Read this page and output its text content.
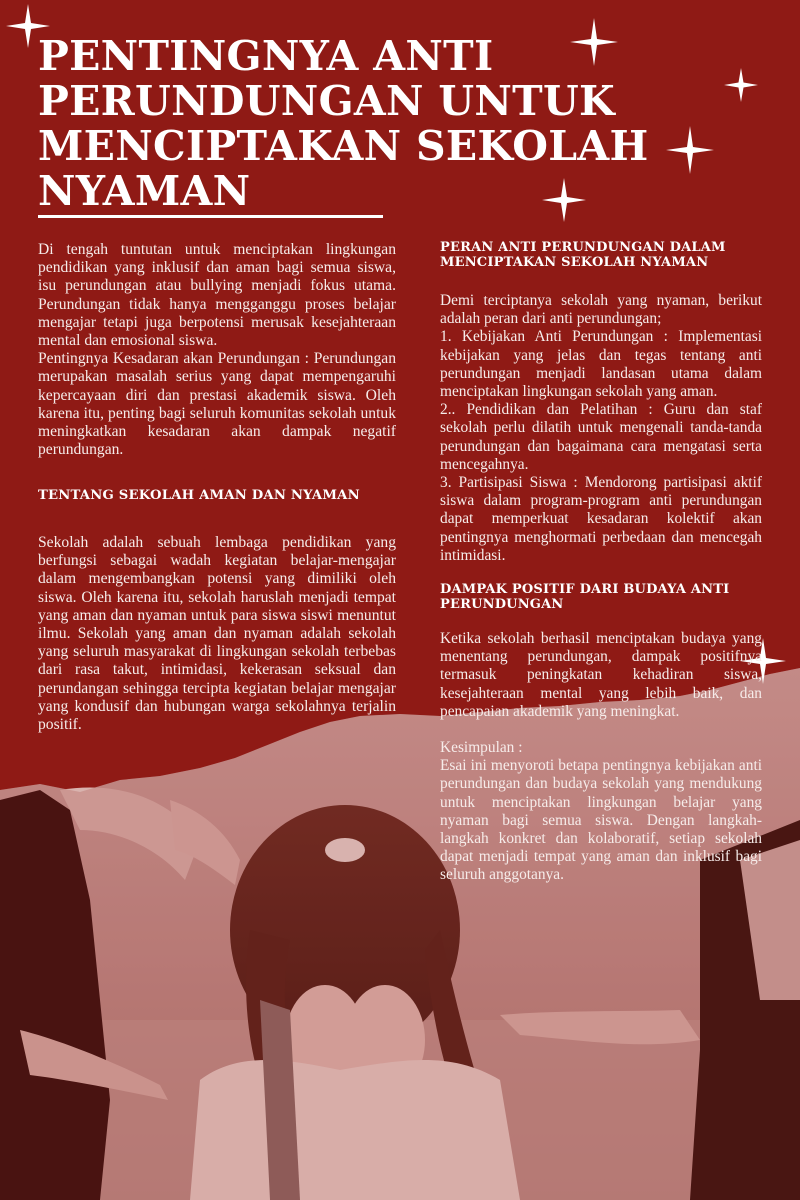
PENTINGNYA ANTI PERUNDUNGAN UNTUK MENCIPTAKAN SEKOLAH NYAMAN

Di tengah tuntutan untuk menciptakan lingkungan pendidikan yang inklusif dan aman bagi semua siswa, isu perundungan atau bullying menjadi fokus utama. Perundungan tidak hanya mengganggu proses belajar mengajar tetapi juga berpotensi merusak kesejahteraan mental dan emosional siswa.

Pentingnya Kesadaran akan Perundungan : Perundungan merupakan masalah serius yang dapat mempengaruhi kepercayaan diri dan prestasi akademik siswa. Oleh karena itu, penting bagi seluruh komunitas sekolah untuk meningkatkan kesadaran akan dampak negatif perundungan.

TENTANG SEKOLAH AMAN DAN NYAMAN

Sekolah adalah sebuah lembaga pendidikan yang berfungsi sebagai wadah kegiatan belajar-mengajar dalam mengembangkan potensi yang dimiliki oleh siswa. Oleh karena itu, sekolah haruslah menjadi tempat yang aman dan nyaman untuk para siswa siswi menuntut ilmu. Sekolah yang aman dan nyaman adalah sekolah yang seluruh masyarakat di lingkungan sekolah terbebas dari rasa takut, intimidasi, kekerasan seksual dan perundangan sehingga tercipta kegiatan belajar mengajar yang kondusif dan hubungan warga sekolahnya terjalin positif.

PERAN ANTI PERUNDUNGAN DALAM MENCIPTAKAN SEKOLAH NYAMAN

Demi terciptanya sekolah yang nyaman, berikut adalah peran dari anti perundungan;

1. Kebijakan Anti Perundungan : Implementasi kebijakan yang jelas dan tegas tentang anti perundungan menjadi landasan utama dalam menciptakan lingkungan sekolah yang aman.

2.. Pendidikan dan Pelatihan : Guru dan staf sekolah perlu dilatih untuk mengenali tanda-tanda perundungan dan bagaimana cara mengatasi serta mencegahnya.

3. Partisipasi Siswa : Mendorong partisipasi aktif siswa dalam program-program anti perundungan dapat memperkuat kesadaran kolektif akan pentingnya menghormati perbedaan dan mencegah intimidasi.

DAMPAK POSITIF DARI BUDAYA ANTI PERUNDUNGAN

Ketika sekolah berhasil menciptakan budaya yang menentang perundungan, dampak positifnya termasuk peningkatan kehadiran siswa, kesejahteraan mental yang lebih baik, dan pencapaian akademik yang meningkat.

Kesimpulan :

Esai ini menyoroti betapa pentingnya kebijakan anti perundungan dan budaya sekolah yang mendukung untuk menciptakan lingkungan belajar yang nyaman bagi semua siswa. Dengan langkah-langkah konkret dan kolaboratif, setiap sekolah dapat menjadi tempat yang aman dan inklusif bagi seluruh anggotanya.
